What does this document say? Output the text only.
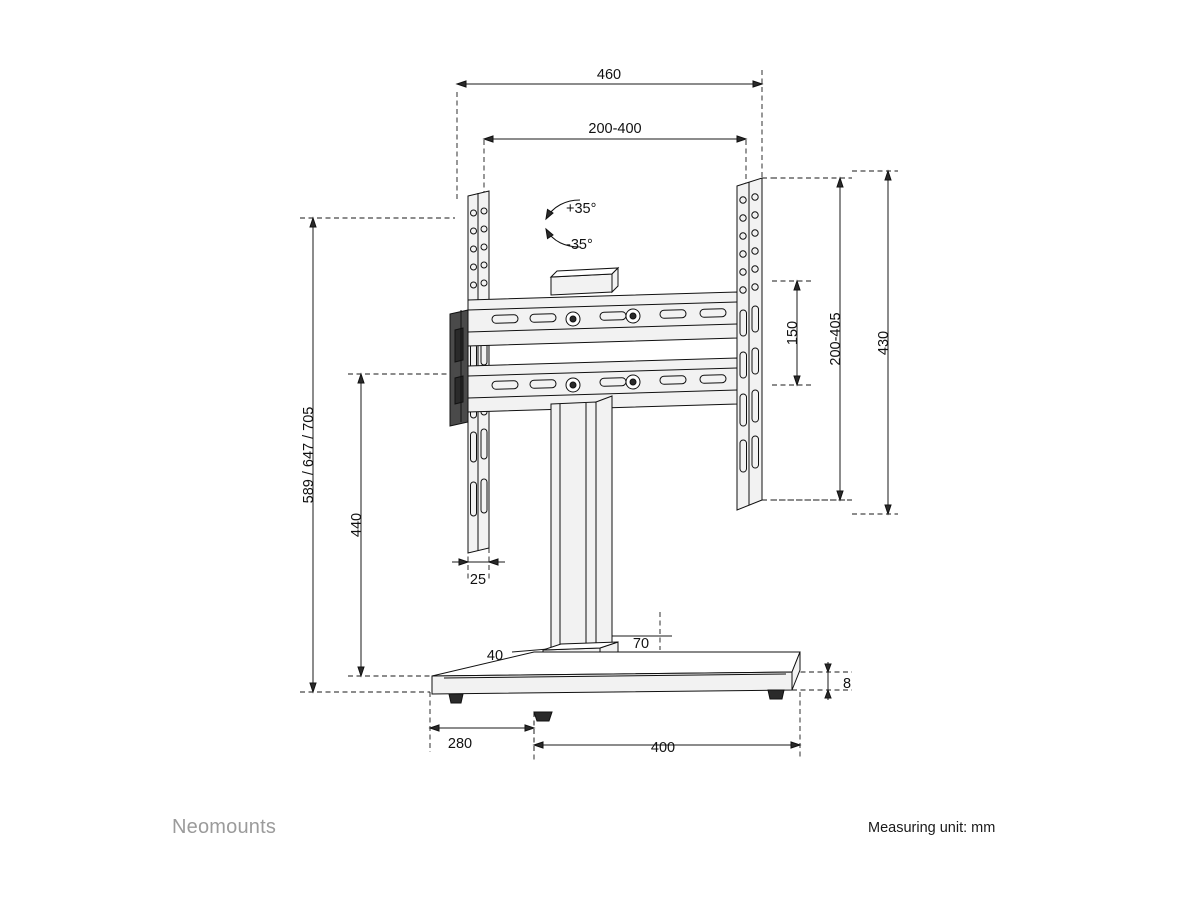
460
200-400
+35°
-35°
150 200-405 430
589 / 647 / 705
440
25
40
70
8
280	400
Neomounts	Measuring unit: mm
